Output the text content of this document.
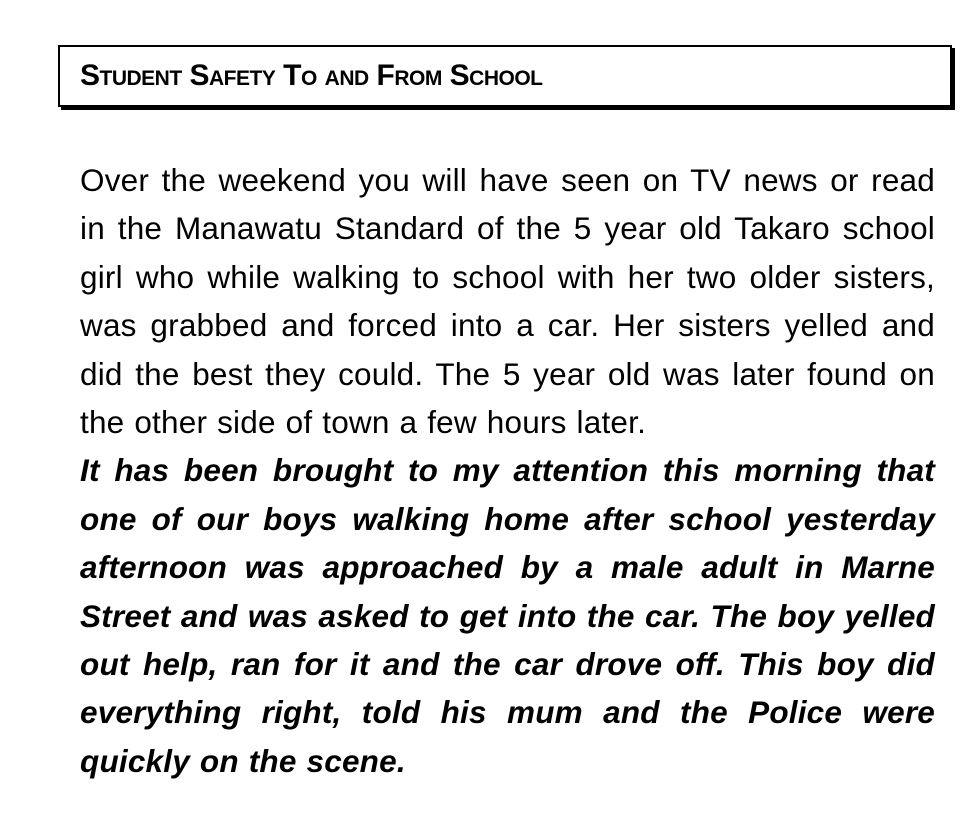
Student Safety To and From School

Over the weekend you will have seen on TV news or read in the Manawatu Standard of the 5 year old Takaro school girl who while walking to school with her two older sisters, was grabbed and forced into a car. Her sisters yelled and did the best they could. The 5 year old was later found on the other side of town a few hours later.

It has been brought to my attention this morning that one of our boys walking home after school yesterday afternoon was approached by a male adult in Marne Street and was asked to get into the car. The boy yelled out help, ran for it and the car drove off. This boy did everything right, told his mum and the Police were quickly on the scene.
